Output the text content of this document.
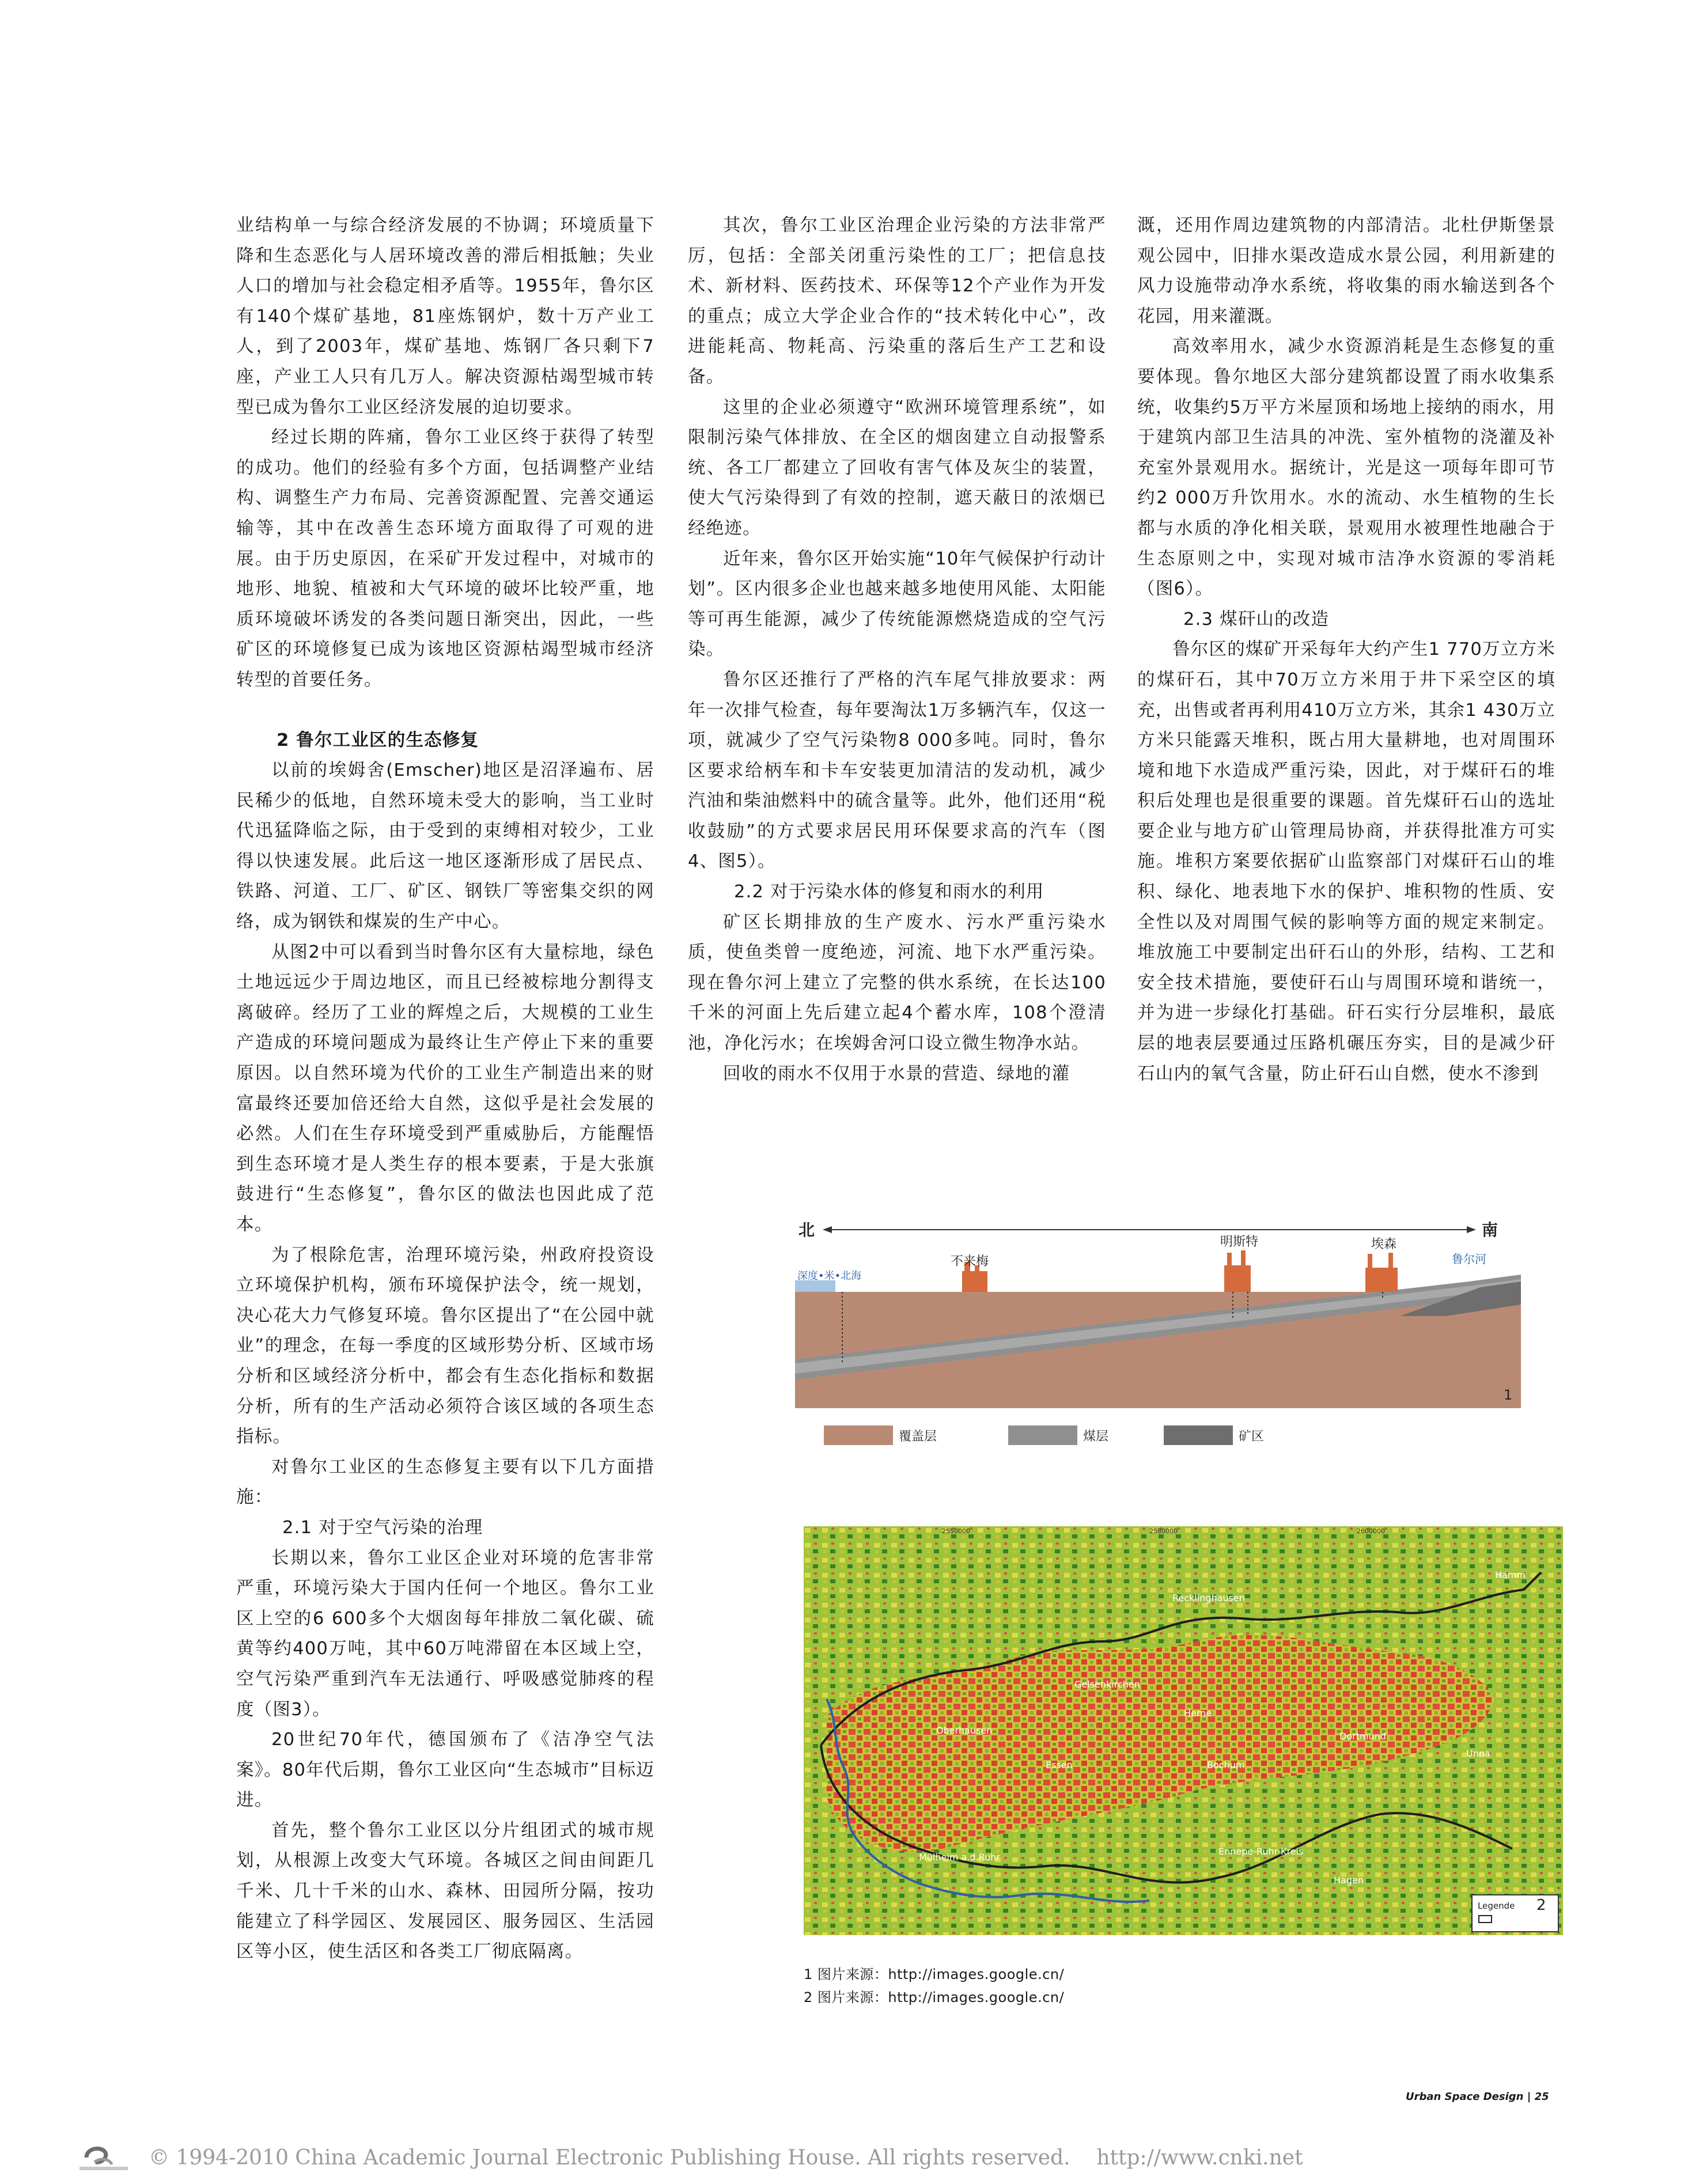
业结构单一与综合经济发展的不协调；环境质量下降和生态恶化与人居环境改善的滞后相抵触；失业人口的增加与社会稳定相矛盾等。1955年，鲁尔区有140个煤矿基地，81座炼钢炉，数十万产业工人，到了2003年，煤矿基地、炼钢厂各只剩下7座，产业工人只有几万人。解决资源枯竭型城市转型已成为鲁尔工业区经济发展的迫切要求。

经过长期的阵痛，鲁尔工业区终于获得了转型的成功。他们的经验有多个方面，包括调整产业结构、调整生产力布局、完善资源配置、完善交通运输等，其中在改善生态环境方面取得了可观的进展。由于历史原因，在采矿开发过程中，对城市的地形、地貌、植被和大气环境的破坏比较严重，地质环境破坏诱发的各类问题日渐突出，因此，一些矿区的环境修复已成为该地区资源枯竭型城市经济转型的首要任务。

2 鲁尔工业区的生态修复

以前的埃姆舍(Emscher)地区是沼泽遍布、居民稀少的低地，自然环境未受大的影响，当工业时代迅猛降临之际，由于受到的束缚相对较少，工业得以快速发展。此后这一地区逐渐形成了居民点、铁路、河道、工厂、矿区、钢铁厂等密集交织的网络，成为钢铁和煤炭的生产中心。

从图2中可以看到当时鲁尔区有大量棕地，绿色土地远远少于周边地区，而且已经被棕地分割得支离破碎。经历了工业的辉煌之后，大规模的工业生产造成的环境问题成为最终让生产停止下来的重要原因。以自然环境为代价的工业生产制造出来的财富最终还要加倍还给大自然，这似乎是社会发展的必然。人们在生存环境受到严重威胁后，方能醒悟到生态环境才是人类生存的根本要素，于是大张旗鼓进行“生态修复”，鲁尔区的做法也因此成了范本。

为了根除危害，治理环境污染，州政府投资设立环境保护机构，颁布环境保护法令，统一规划，决心花大力气修复环境。鲁尔区提出了“在公园中就业”的理念，在每一季度的区域形势分析、区域市场分析和区域经济分析中，都会有生态化指标和数据分析，所有的生产活动必须符合该区域的各项生态指标。

对鲁尔工业区的生态修复主要有以下几方面措施：

2.1 对于空气污染的治理

长期以来，鲁尔工业区企业对环境的危害非常严重，环境污染大于国内任何一个地区。鲁尔工业区上空的6 600多个大烟囱每年排放二氧化碳、硫黄等约400万吨，其中60万吨滞留在本区域上空，空气污染严重到汽车无法通行、呼吸感觉肺疼的程度（图3）。

20世纪70年代，德国颁布了《洁净空气法案》。80年代后期，鲁尔工业区向“生态城市”目标迈进。

首先，整个鲁尔工业区以分片组团式的城市规划，从根源上改变大气环境。各城区之间由间距几千米、几十千米的山水、森林、田园所分隔，按功能建立了科学园区、发展园区、服务园区、生活园区等小区，使生活区和各类工厂彻底隔离。

其次，鲁尔工业区治理企业污染的方法非常严厉，包括：全部关闭重污染性的工厂；把信息技术、新材料、医药技术、环保等12个产业作为开发的重点；成立大学企业合作的“技术转化中心”，改进能耗高、物耗高、污染重的落后生产工艺和设备。

这里的企业必须遵守“欧洲环境管理系统”，如限制污染气体排放、在全区的烟囱建立自动报警系统、各工厂都建立了回收有害气体及灰尘的装置，使大气污染得到了有效的控制，遮天蔽日的浓烟已经绝迹。

近年来，鲁尔区开始实施“10年气候保护行动计划”。区内很多企业也越来越多地使用风能、太阳能等可再生能源，减少了传统能源燃烧造成的空气污染。

鲁尔区还推行了严格的汽车尾气排放要求：两年一次排气检查，每年要淘汰1万多辆汽车，仅这一项，就减少了空气污染物8 000多吨。同时，鲁尔区要求给柄车和卡车安装更加清洁的发动机，减少汽油和柴油燃料中的硫含量等。此外，他们还用“税收鼓励”的方式要求居民用环保要求高的汽车（图4、图5）。

2.2 对于污染水体的修复和雨水的利用

矿区长期排放的生产废水、污水严重污染水质，使鱼类曾一度绝迹，河流、地下水严重污染。现在鲁尔河上建立了完整的供水系统，在长达100千米的河面上先后建立起4个蓄水库，108个澄清池，净化污水；在埃姆舍河口设立微生物净水站。

回收的雨水不仅用于水景的营造、绿地的灌

溉，还用作周边建筑物的内部清洁。北杜伊斯堡景观公园中，旧排水渠改造成水景公园，利用新建的风力设施带动净水系统，将收集的雨水输送到各个花园，用来灌溉。

高效率用水，减少水资源消耗是生态修复的重要体现。鲁尔地区大部分建筑都设置了雨水收集系统，收集约5万平方米屋顶和场地上接纳的雨水，用于建筑内部卫生洁具的冲洗、室外植物的浇灌及补充室外景观用水。据统计，光是这一项每年即可节约2 000万升饮用水。水的流动、水生植物的生长都与水质的净化相关联，景观用水被理性地融合于生态原则之中，实现对城市洁净水资源的零消耗（图6）。

2.3 煤矸山的改造

鲁尔区的煤矿开采每年大约产生1 770万立方米的煤矸石，其中70万立方米用于井下采空区的填充，出售或者再利用410万立方米，其余1 430万立方米只能露天堆积，既占用大量耕地，也对周围环境和地下水造成严重污染，因此，对于煤矸石的堆积后处理也是很重要的课题。首先煤矸石山的选址要企业与地方矿山管理局协商，并获得批准方可实施。堆积方案要依据矿山监察部门对煤矸石山的堆积、绿化、地表地下水的保护、堆积物的性质、安全性以及对周围气候的影响等方面的规定来制定。堆放施工中要制定出矸石山的外形，结构、工艺和安全技术措施，要使矸石山与周围环境和谐统一，并为进一步绿化打基础。矸石实行分层堆积，最底层的地表层要通过压路机碾压夯实，目的是减少矸石山内的氧气含量，防止矸石山自燃，使水不渗到

北	南
不来梅
明斯特	埃森
鲁尔河
深度•米•北海
1
覆盖层	煤层	矿区
2550000	2580000	2600000
Recklinghausen
Hamm
Herne
Gelsenkirchen
Oberhausen
Essen	Bochum
Dortmund
Mülheim a.d.Ruhr
Ennepe-Ruhr-Kreis
Hagen
Unna
Legende 2
1 图片来源：http://images.google.cn/
2 图片来源：http://images.google.cn/
Urban Space Design | 25
© 1994-2010 China Academic Journal Electronic Publishing House. All rights reserved.    http://www.cnki.net
